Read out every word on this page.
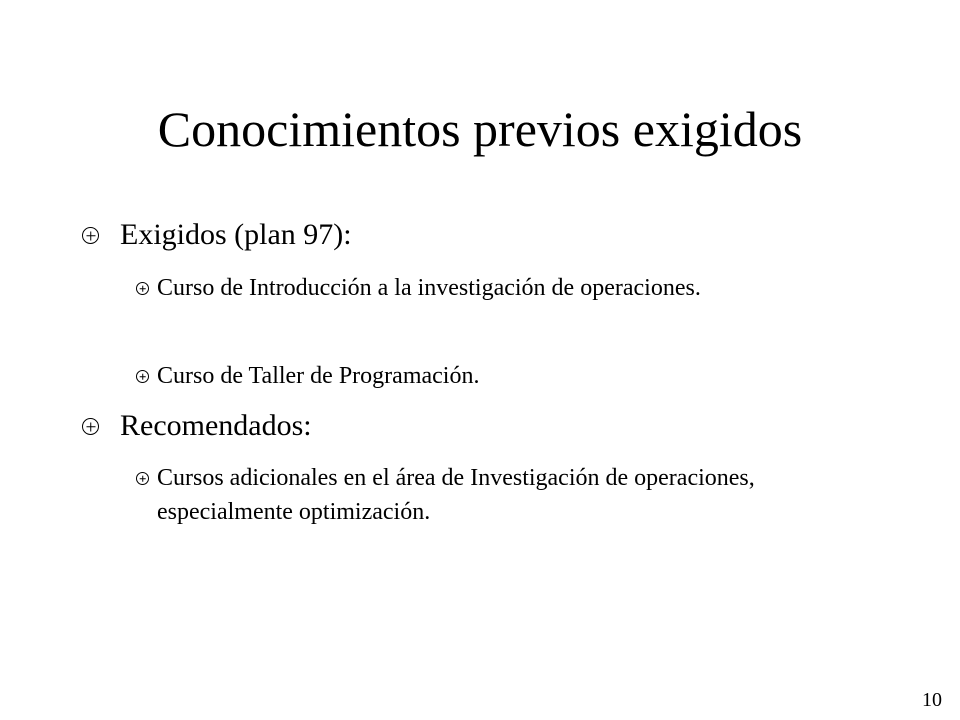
Conocimientos previos exigidos
Exigidos (plan 97):
Curso de Introducción a la investigación de operaciones.
Curso de Taller de Programación.
Recomendados:
Cursos adicionales en el área de Investigación de operaciones, especialmente optimización.
10
